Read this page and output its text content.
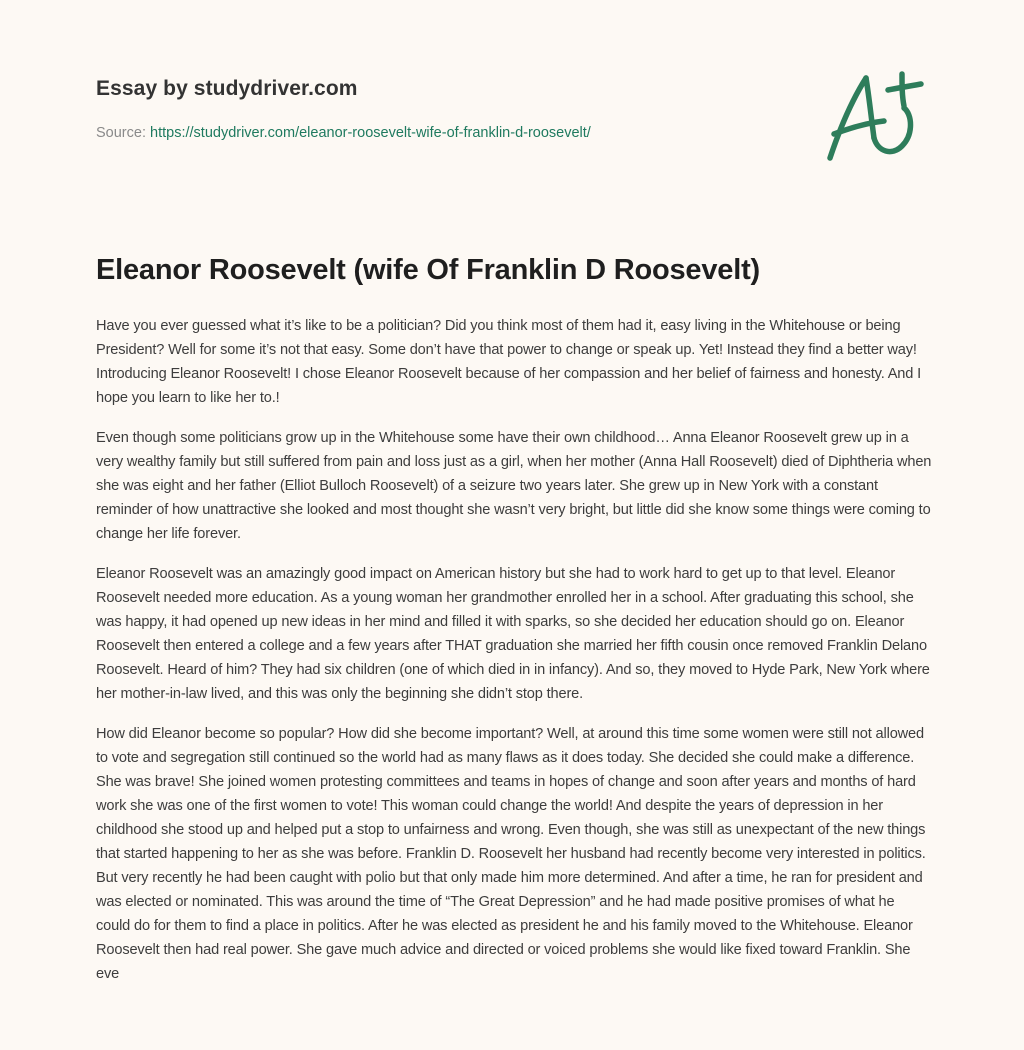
Essay by studydriver.com
Source: https://studydriver.com/eleanor-roosevelt-wife-of-franklin-d-roosevelt/
Eleanor Roosevelt (wife Of Franklin D Roosevelt)

Have you ever guessed what it’s like to be a politician? Did you think most of them had it, easy living in the Whitehouse or being President? Well for some it’s not that easy. Some don’t have that power to change or speak up. Yet! Instead they find a better way! Introducing Eleanor Roosevelt! I chose Eleanor Roosevelt because of her compassion and her belief of fairness and honesty. And I hope you learn to like her to.!

Even though some politicians grow up in the Whitehouse some have their own childhood… Anna Eleanor Roosevelt grew up in a very wealthy family but still suffered from pain and loss just as a girl, when her mother (Anna Hall Roosevelt) died of Diphtheria when she was eight and her father (Elliot Bulloch Roosevelt) of a seizure two years later. She grew up in New York with a constant reminder of how unattractive she looked and most thought she wasn’t very bright, but little did she know some things were coming to change her life forever.

Eleanor Roosevelt was an amazingly good impact on American history but she had to work hard to get up to that level. Eleanor Roosevelt needed more education. As a young woman her grandmother enrolled her in a school. After graduating this school, she was happy, it had opened up new ideas in her mind and filled it with sparks, so she decided her education should go on. Eleanor Roosevelt then entered a college and a few years after THAT graduation she married her fifth cousin once removed Franklin Delano Roosevelt. Heard of him? They had six children (one of which died in in infancy). And so, they moved to Hyde Park, New York where her mother-in-law lived, and this was only the beginning she didn’t stop there.

How did Eleanor become so popular? How did she become important? Well, at around this time some women were still not allowed to vote and segregation still continued so the world had as many flaws as it does today. She decided she could make a difference. She was brave! She joined women protesting committees and teams in hopes of change and soon after years and months of hard work she was one of the first women to vote! This woman could change the world! And despite the years of depression in her childhood she stood up and helped put a stop to unfairness and wrong. Even though, she was still as unexpectant of the new things that started happening to her as she was before. Franklin D. Roosevelt her husband had recently become very interested in politics. But very recently he had been caught with polio but that only made him more determined. And after a time, he ran for president and was elected or nominated. This was around the time of “The Great Depression” and he had made positive promises of what he could do for them to find a place in politics. After he was elected as president he and his family moved to the Whitehouse. Eleanor Roosevelt then had real power. She gave much advice and directed or voiced problems she would like fixed toward Franklin. She eve
